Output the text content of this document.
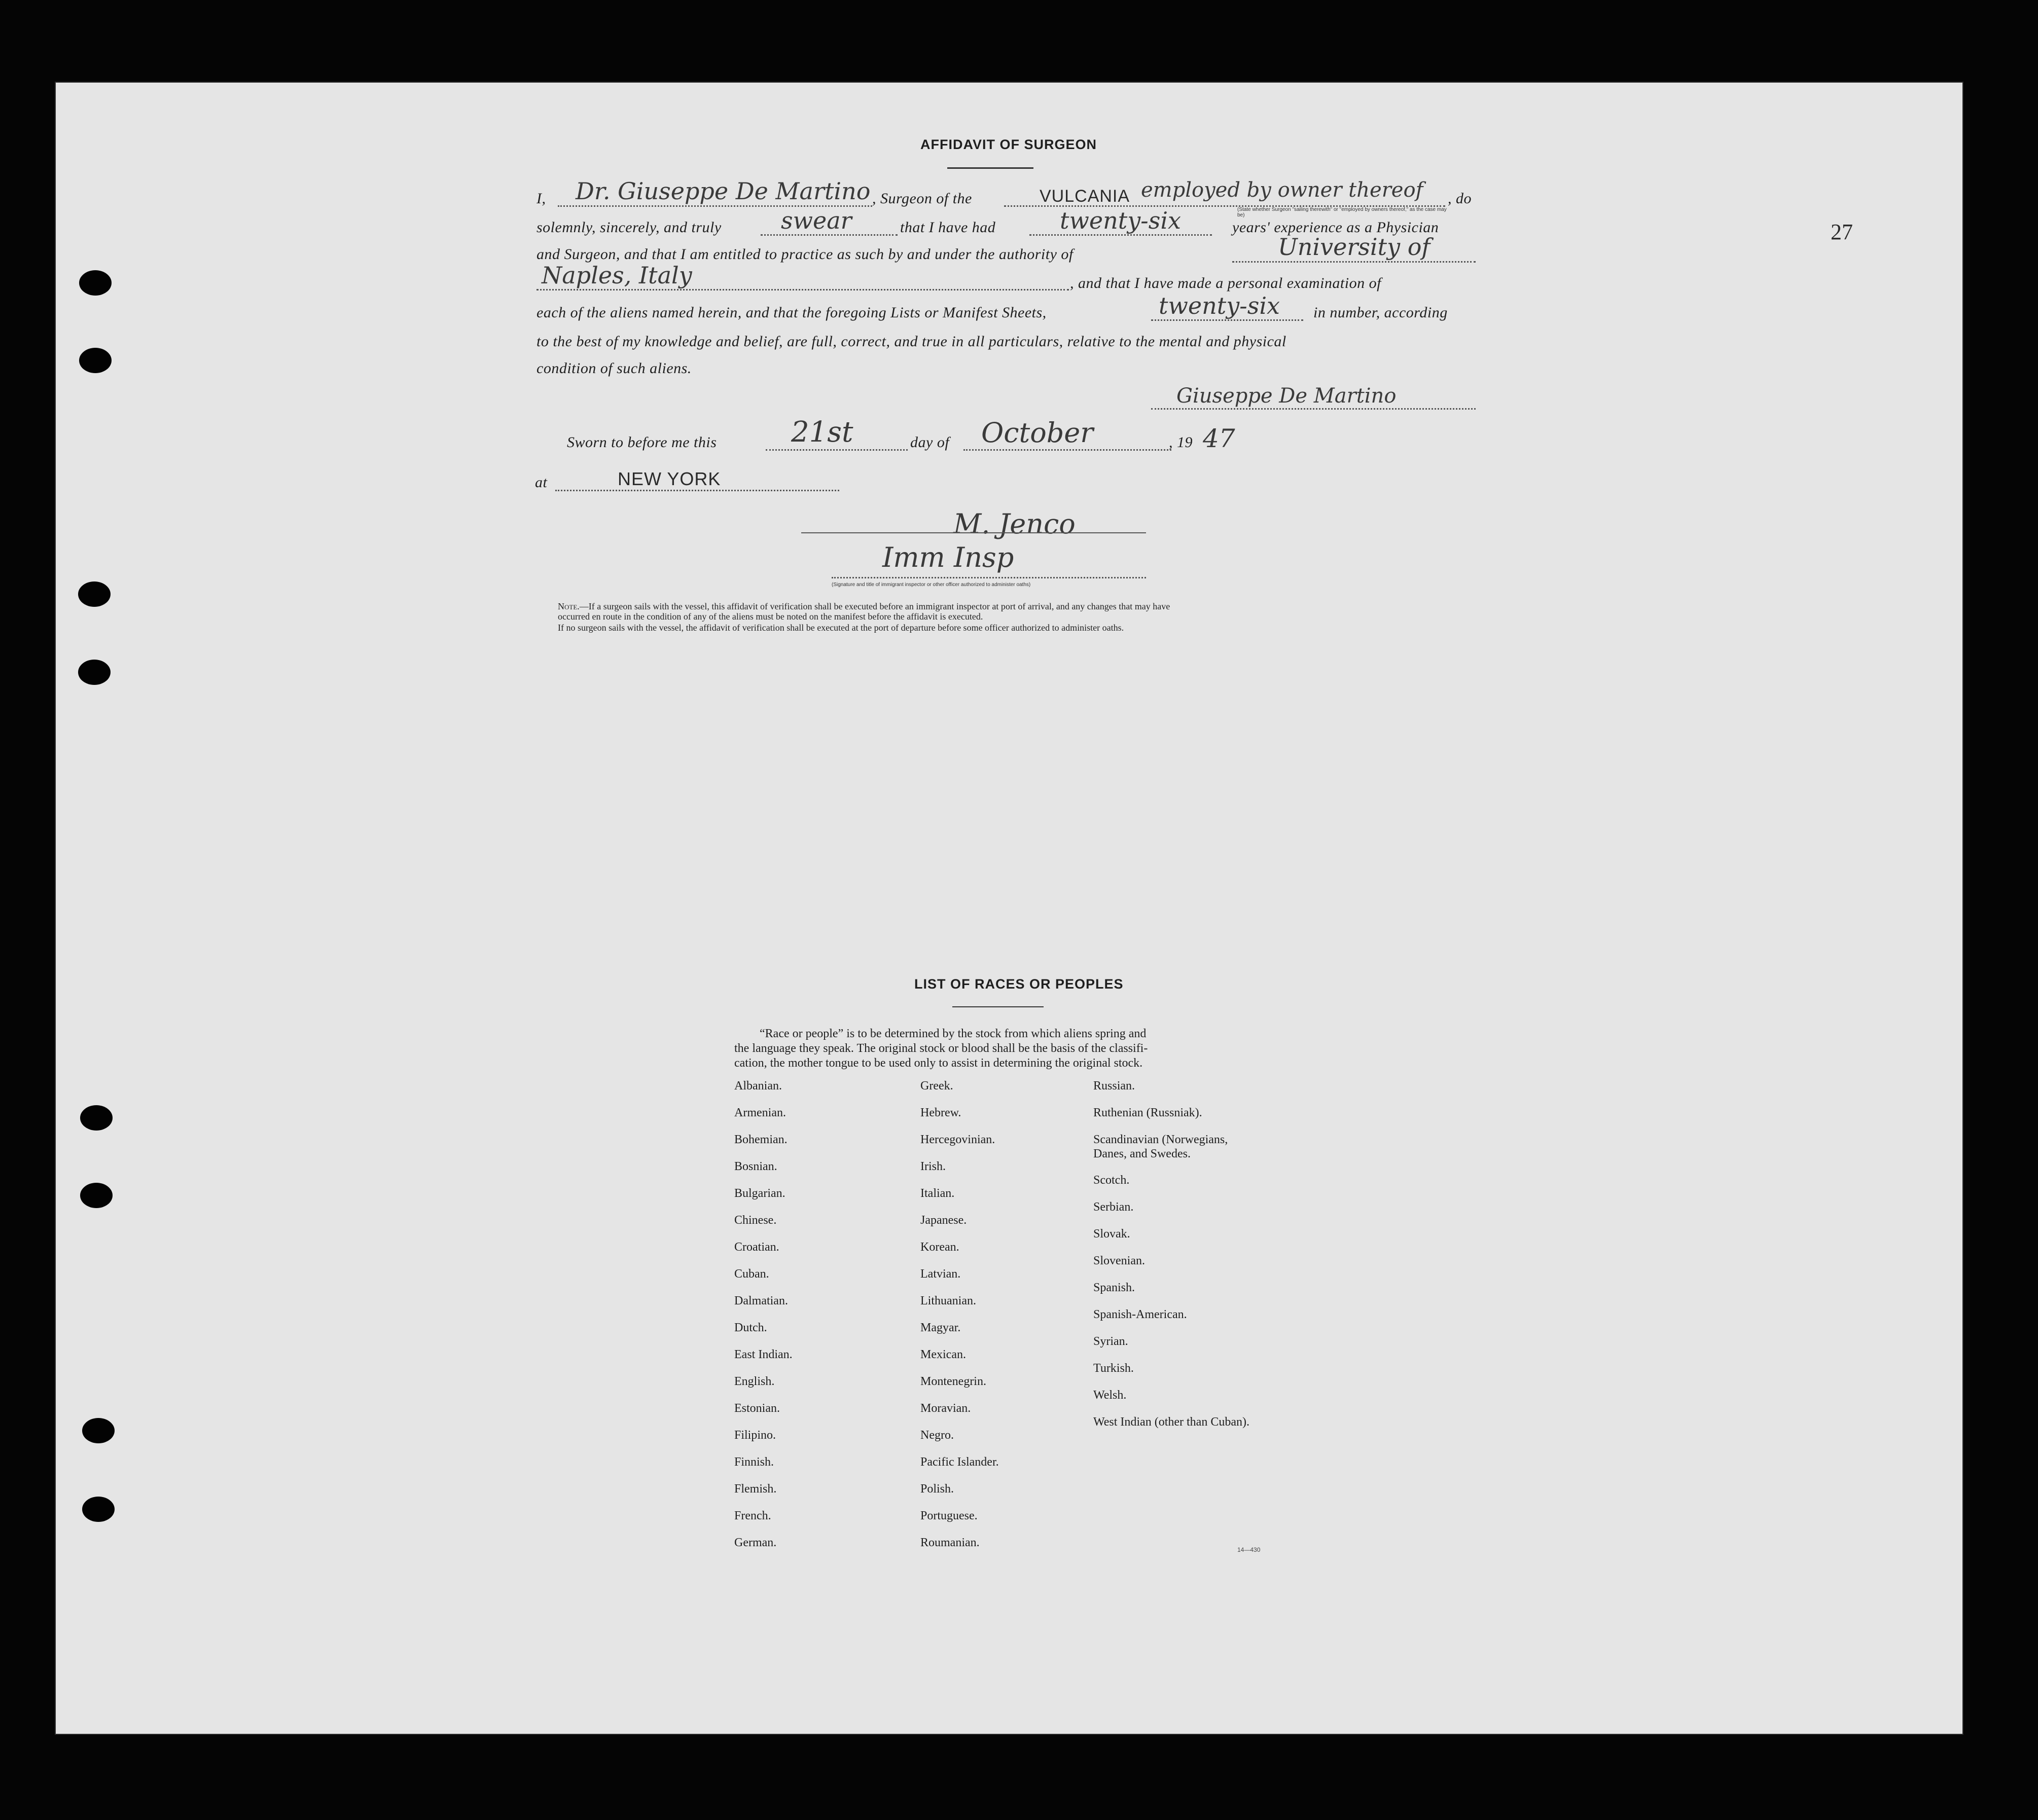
27
AFFIDAVIT OF SURGEON
I, Dr. Giuseppe De Martino , Surgeon of the	VULCANIA employed by owner thereof , do
(State whether Surgeon "sailing therewith" or "employed by owners thereof," as the case may be)
solemnly, sincerely, and truly	swear	that I have had	twenty-six	years' experience as a Physician
and Surgeon, and that I am entitled to practice as such by and under the authority of	University of
Naples, Italy	, and that I have made a personal examination of
each of the aliens named herein, and that the foregoing Lists or Manifest Sheets,	twenty-six in number, according
to the best of my knowledge and belief, are full, correct, and true in all particulars, relative to the mental and physical
condition of such aliens.
Giuseppe De Martino
Sworn to before me this	21st	day of October	, 19 47
at	NEW YORK
M. Jenco
Imm Insp
(Signature and title of immigrant inspector or other officer authorized to administer oaths)
Note.—If a surgeon sails with the vessel, this affidavit of verification shall be executed before an immigrant inspector at port of arrival, and any changes that may have
occurred en route in the condition of any of the aliens must be noted on the manifest before the affidavit is executed.
If no surgeon sails with the vessel, the affidavit of verification shall be executed at the port of departure before some officer authorized to administer oaths.
LIST OF RACES OR PEOPLES
“Race or people” is to be determined by the stock from which aliens spring and
the language they speak. The original stock or blood shall be the basis of the classifi-
cation, the mother tongue to be used only to assist in determining the original stock.
Albanian.
Armenian.
Bohemian.
Bosnian.
Bulgarian.
Chinese.
Croatian.
Cuban.
Dalmatian.
Dutch.
East Indian.
English.
Estonian.
Filipino.
Finnish.
Flemish.
French.
German.
Greek.
Hebrew.
Hercegovinian.
Irish.
Italian.
Japanese.
Korean.
Latvian.
Lithuanian.
Magyar.
Mexican.
Montenegrin.
Moravian.
Negro.
Pacific Islander.
Polish.
Portuguese.
Roumanian.
Russian.
Ruthenian (Russniak).
Scandinavian (Norwegians, Danes, and Swedes.
Scotch.
Serbian.
Slovak.
Slovenian.
Spanish.
Spanish-American.
Syrian.
Turkish.
Welsh.
West Indian (other than Cuban).
14—430
